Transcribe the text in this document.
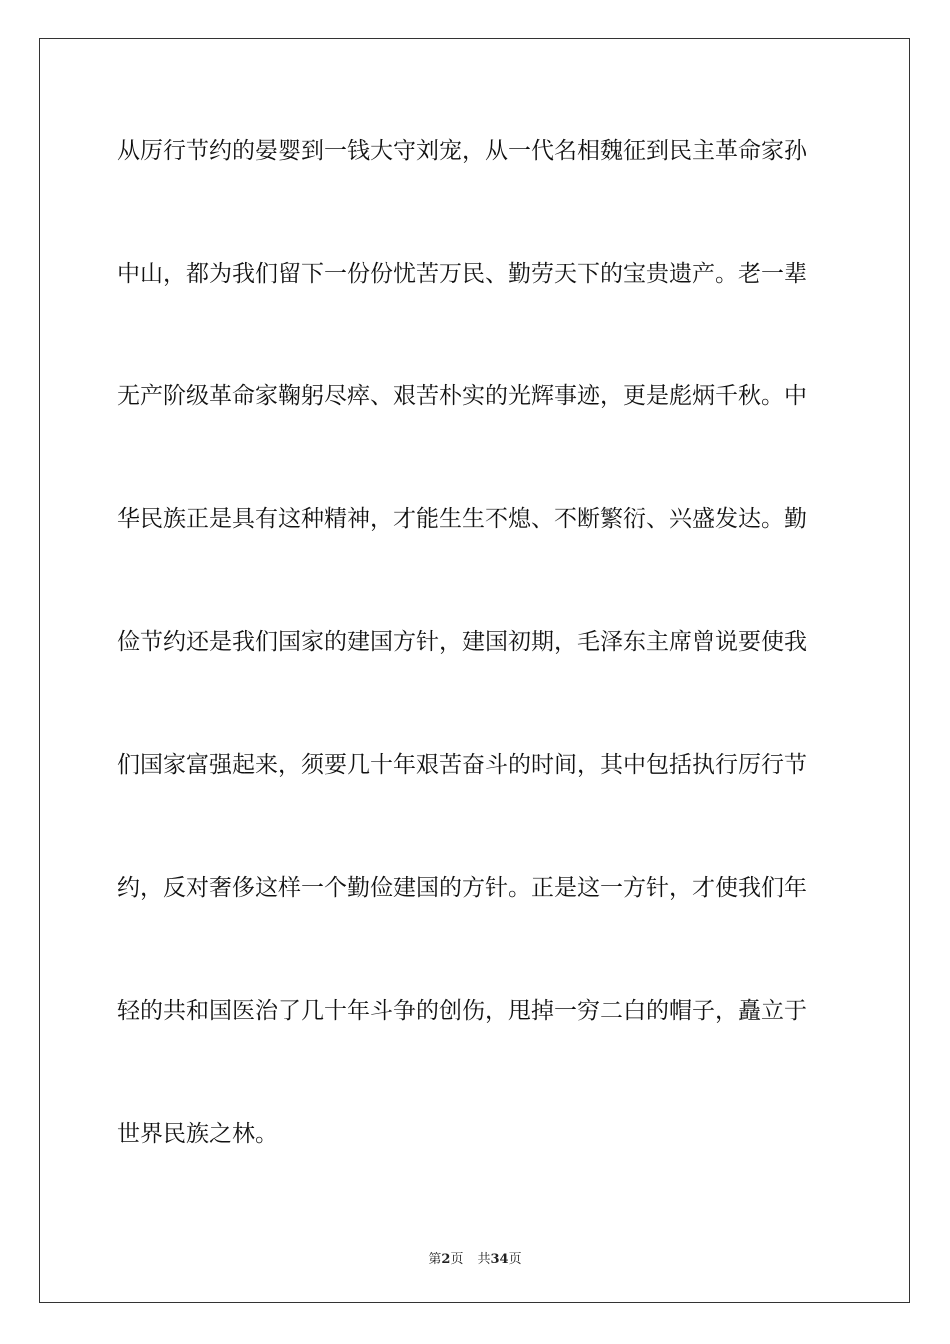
从厉行节约的晏婴到一钱大守刘宠，从一代名相魏征到民主革命家孙
中山，都为我们留下一份份忧苦万民、勤劳天下的宝贵遗产。老一辈
无产阶级革命家鞠躬尽瘁、艰苦朴实的光辉事迹，更是彪炳千秋。中
华民族正是具有这种精神，才能生生不熄、不断繁衍、兴盛发达。勤
俭节约还是我们国家的建国方针，建国初期，毛泽东主席曾说要使我
们国家富强起来，须要几十年艰苦奋斗的时间，其中包括执行厉行节
约，反对奢侈这样一个勤俭建国的方针。正是这一方针，才使我们年
轻的共和国医治了几十年斗争的创伤，甩掉一穷二白的帽子，矗立于
世界民族之林。
第2页 共34页
